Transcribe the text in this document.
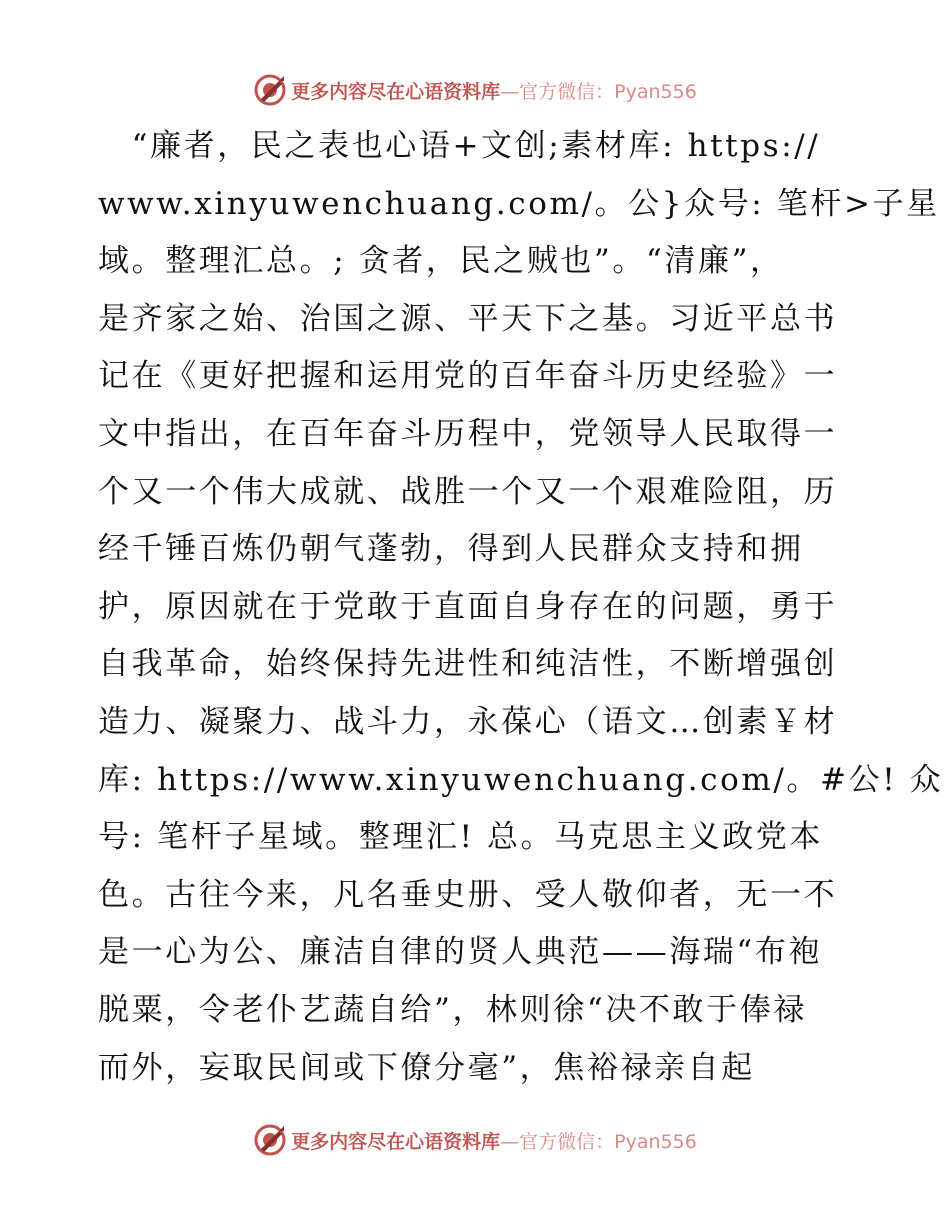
更多内容尽在心语资料库—官方微信：Pyan556
　“廉者，民之表也心语+文创;素材库: https://
www.xinyuwenchuang.com/。公}众号: 笔杆>子星
域。整理汇总。; 贪者，民之贼也”。“清廉”，
是齐家之始、治国之源、平天下之基。习近平总书
记在《更好把握和运用党的百年奋斗历史经验》一
文中指出，在百年奋斗历程中，党领导人民取得一
个又一个伟大成就、战胜一个又一个艰难险阻，历
经千锤百炼仍朝气蓬勃，得到人民群众支持和拥
护，原因就在于党敢于直面自身存在的问题，勇于
自我革命，始终保持先进性和纯洁性，不断增强创
造力、凝聚力、战斗力，永葆心（语文…创素￥材
库: https://www.xinyuwenchuang.com/。#公! 众
号: 笔杆子星域。整理汇! 总。马克思主义政党本
色。古往今来，凡名垂史册、受人敬仰者，无一不
是一心为公、廉洁自律的贤人典范——海瑞“布袍
脱粟，令老仆艺蔬自给”，林则徐“决不敢于俸禄
而外，妄取民间或下僚分毫”，焦裕禄亲自起
更多内容尽在心语资料库—官方微信：Pyan556
